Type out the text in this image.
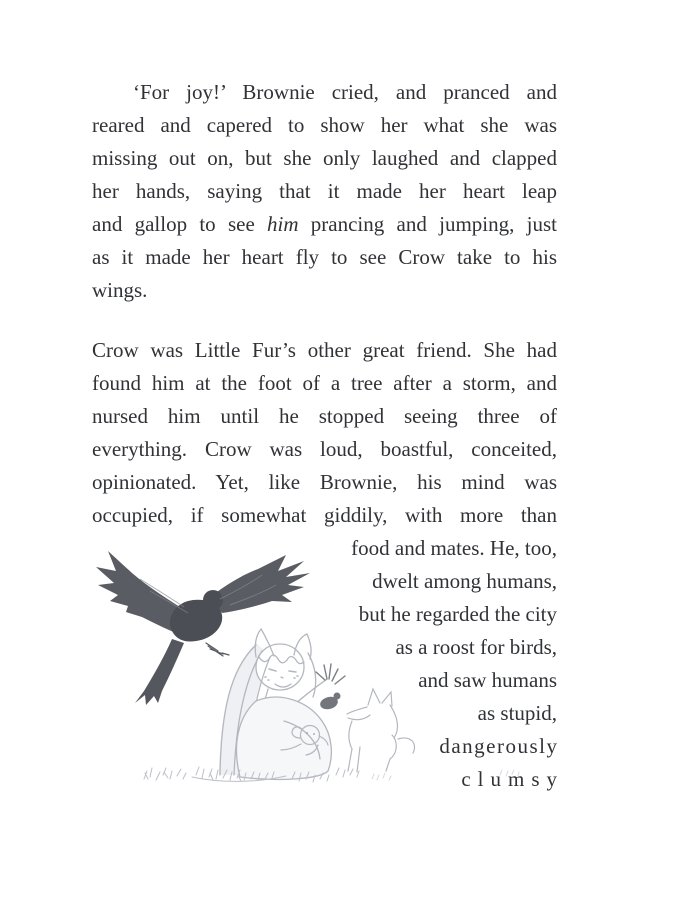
‘For joy!’ Brownie cried, and pranced and
reared and capered to show her what she was
missing out on, but she only laughed and clapped
her hands, saying that it made her heart leap
and gallop to see him prancing and jumping, just
as it made her heart fly to see Crow take to his
wings.
Crow was Little Fur’s other great friend. She had
found him at the foot of a tree after a storm, and
nursed him until he stopped seeing three of
everything. Crow was loud, boastful, conceited,
opinionated. Yet, like Brownie, his mind was
occupied, if somewhat giddily, with more than
food and mates. He, too,
dwelt among humans,
but he regarded the city
as a roost for birds,
and saw humans
as stupid,
dangerously
clumsy
